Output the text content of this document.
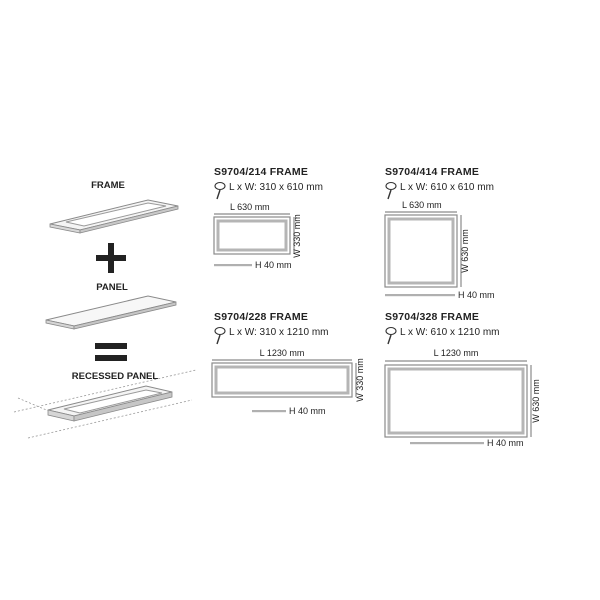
FRAME
PANEL
RECESSED PANEL
S9704/214 FRAME
L x W: 310 x 610 mm
L 630 mm
W 330 mm
H 40 mm
S9704/414 FRAME
L x W: 610 x 610 mm
L 630 mm
W 630 mm
H 40 mm
S9704/228 FRAME
L x W: 310 x 1210 mm
L 1230 mm
W 330 mm
H 40 mm
S9704/328 FRAME
L x W: 610 x 1210 mm
L 1230 mm
W 630 mm
H 40 mm
